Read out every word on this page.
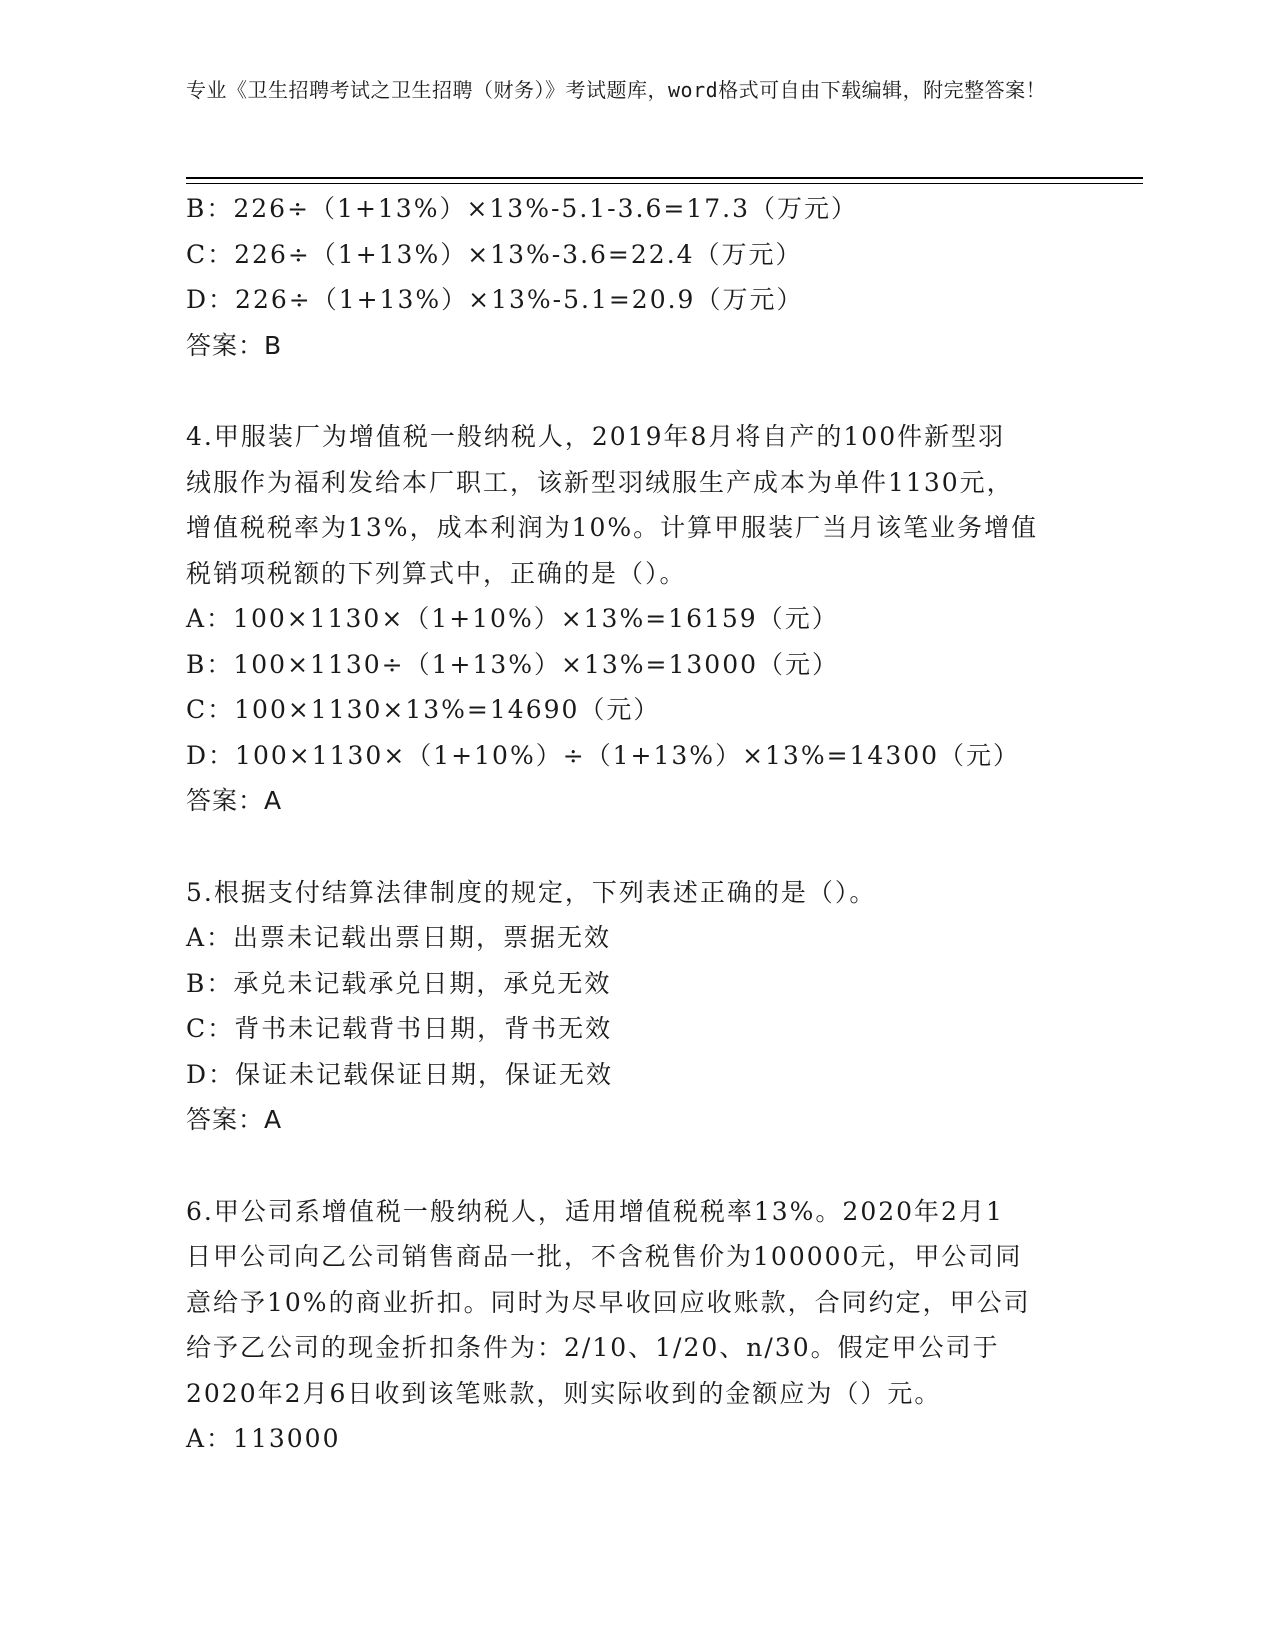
专业《卫生招聘考试之卫生招聘（财务）》考试题库，word格式可自由下载编辑，附完整答案！
B：226÷（1+13%）×13%-5.1-3.6=17.3（万元）
C：226÷（1+13%）×13%-3.6=22.4（万元）
D：226÷（1+13%）×13%-5.1=20.9（万元）
答案：B
4.甲服装厂为增值税一般纳税人，2019年8月将自产的100件新型羽
绒服作为福利发给本厂职工，该新型羽绒服生产成本为单件1130元，
增值税税率为13%，成本利润为10%。计算甲服装厂当月该笔业务增值
税销项税额的下列算式中，正确的是（）。
A：100×1130×（1+10%）×13%=16159（元）
B：100×1130÷（1+13%）×13%=13000（元）
C：100×1130×13%=14690（元）
D：100×1130×（1+10%）÷（1+13%）×13%=14300（元）
答案：A
5.根据支付结算法律制度的规定，下列表述正确的是（）。
A：出票未记载出票日期，票据无效
B：承兑未记载承兑日期，承兑无效
C：背书未记载背书日期，背书无效
D：保证未记载保证日期，保证无效
答案：A
6.甲公司系增值税一般纳税人，适用增值税税率13%。2020年2月1
日甲公司向乙公司销售商品一批，不含税售价为100000元，甲公司同
意给予10%的商业折扣。同时为尽早收回应收账款，合同约定，甲公司
给予乙公司的现金折扣条件为：2/10、1/20、n/30。假定甲公司于
2020年2月6日收到该笔账款，则实际收到的金额应为（）元。
A：113000
